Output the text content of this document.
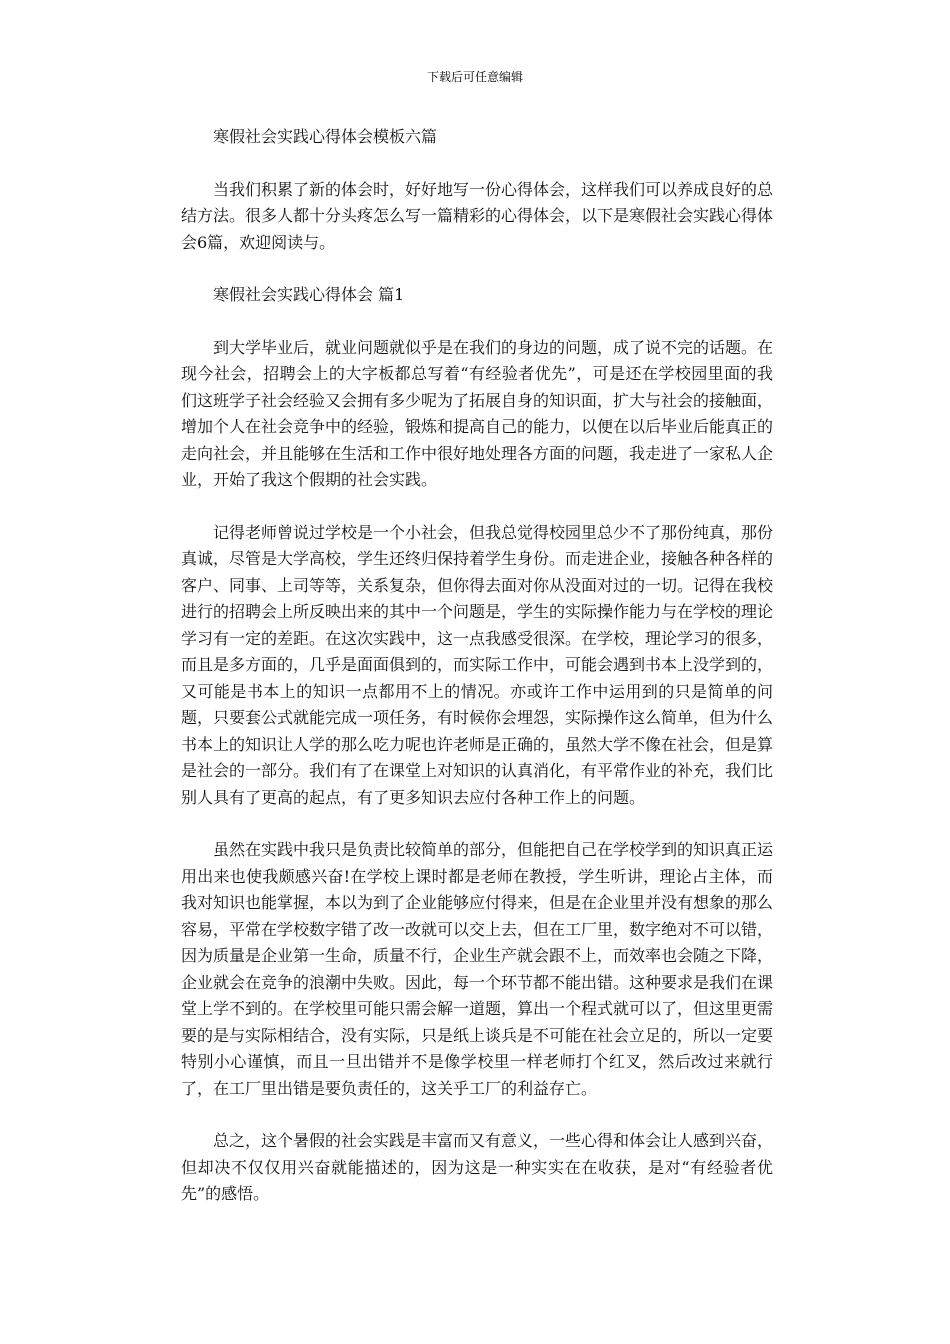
下载后可任意编辑

寒假社会实践心得体会模板六篇

当我们积累了新的体会时，好好地写一份心得体会，这样我们可以养成良好的总结方法。很多人都十分头疼怎么写一篇精彩的心得体会，以下是寒假社会实践心得体会6篇，欢迎阅读与。

寒假社会实践心得体会 篇1

到大学毕业后，就业问题就似乎是在我们的身边的问题，成了说不完的话题。在现今社会，招聘会上的大字板都总写着“有经验者优先”，可是还在学校园里面的我们这班学子社会经验又会拥有多少呢为了拓展自身的知识面，扩大与社会的接触面，增加个人在社会竞争中的经验，锻炼和提高自己的能力，以便在以后毕业后能真正的走向社会，并且能够在生活和工作中很好地处理各方面的问题，我走进了一家私人企业，开始了我这个假期的社会实践。

记得老师曾说过学校是一个小社会，但我总觉得校园里总少不了那份纯真，那份真诚，尽管是大学高校，学生还终归保持着学生身份。而走进企业，接触各种各样的客户、同事、上司等等，关系复杂，但你得去面对你从没面对过的一切。记得在我校进行的招聘会上所反映出来的其中一个问题是，学生的实际操作能力与在学校的理论学习有一定的差距。在这次实践中，这一点我感受很深。在学校，理论学习的很多，而且是多方面的，几乎是面面俱到的，而实际工作中，可能会遇到书本上没学到的，又可能是书本上的知识一点都用不上的情况。亦或许工作中运用到的只是简单的问题，只要套公式就能完成一项任务，有时候你会埋怨，实际操作这么简单，但为什么书本上的知识让人学的那么吃力呢也许老师是正确的，虽然大学不像在社会，但是算是社会的一部分。我们有了在课堂上对知识的认真消化，有平常作业的补充，我们比别人具有了更高的起点，有了更多知识去应付各种工作上的问题。

虽然在实践中我只是负责比较简单的部分，但能把自己在学校学到的知识真正运用出来也使我颇感兴奋!在学校上课时都是老师在教授，学生听讲，理论占主体，而我对知识也能掌握，本以为到了企业能够应付得来，但是在企业里并没有想象的那么容易，平常在学校数字错了改一改就可以交上去，但在工厂里，数字绝对不可以错，因为质量是企业第一生命，质量不行，企业生产就会跟不上，而效率也会随之下降，企业就会在竞争的浪潮中失败。因此，每一个环节都不能出错。这种要求是我们在课堂上学不到的。在学校里可能只需会解一道题，算出一个程式就可以了，但这里更需要的是与实际相结合，没有实际，只是纸上谈兵是不可能在社会立足的，所以一定要特别小心谨慎，而且一旦出错并不是像学校里一样老师打个红叉，然后改过来就行了，在工厂里出错是要负责任的，这关乎工厂的利益存亡。

总之，这个暑假的社会实践是丰富而又有意义，一些心得和体会让人感到兴奋，但却决不仅仅用兴奋就能描述的，因为这是一种实实在在收获，是对“有经验者优先”的感悟。
